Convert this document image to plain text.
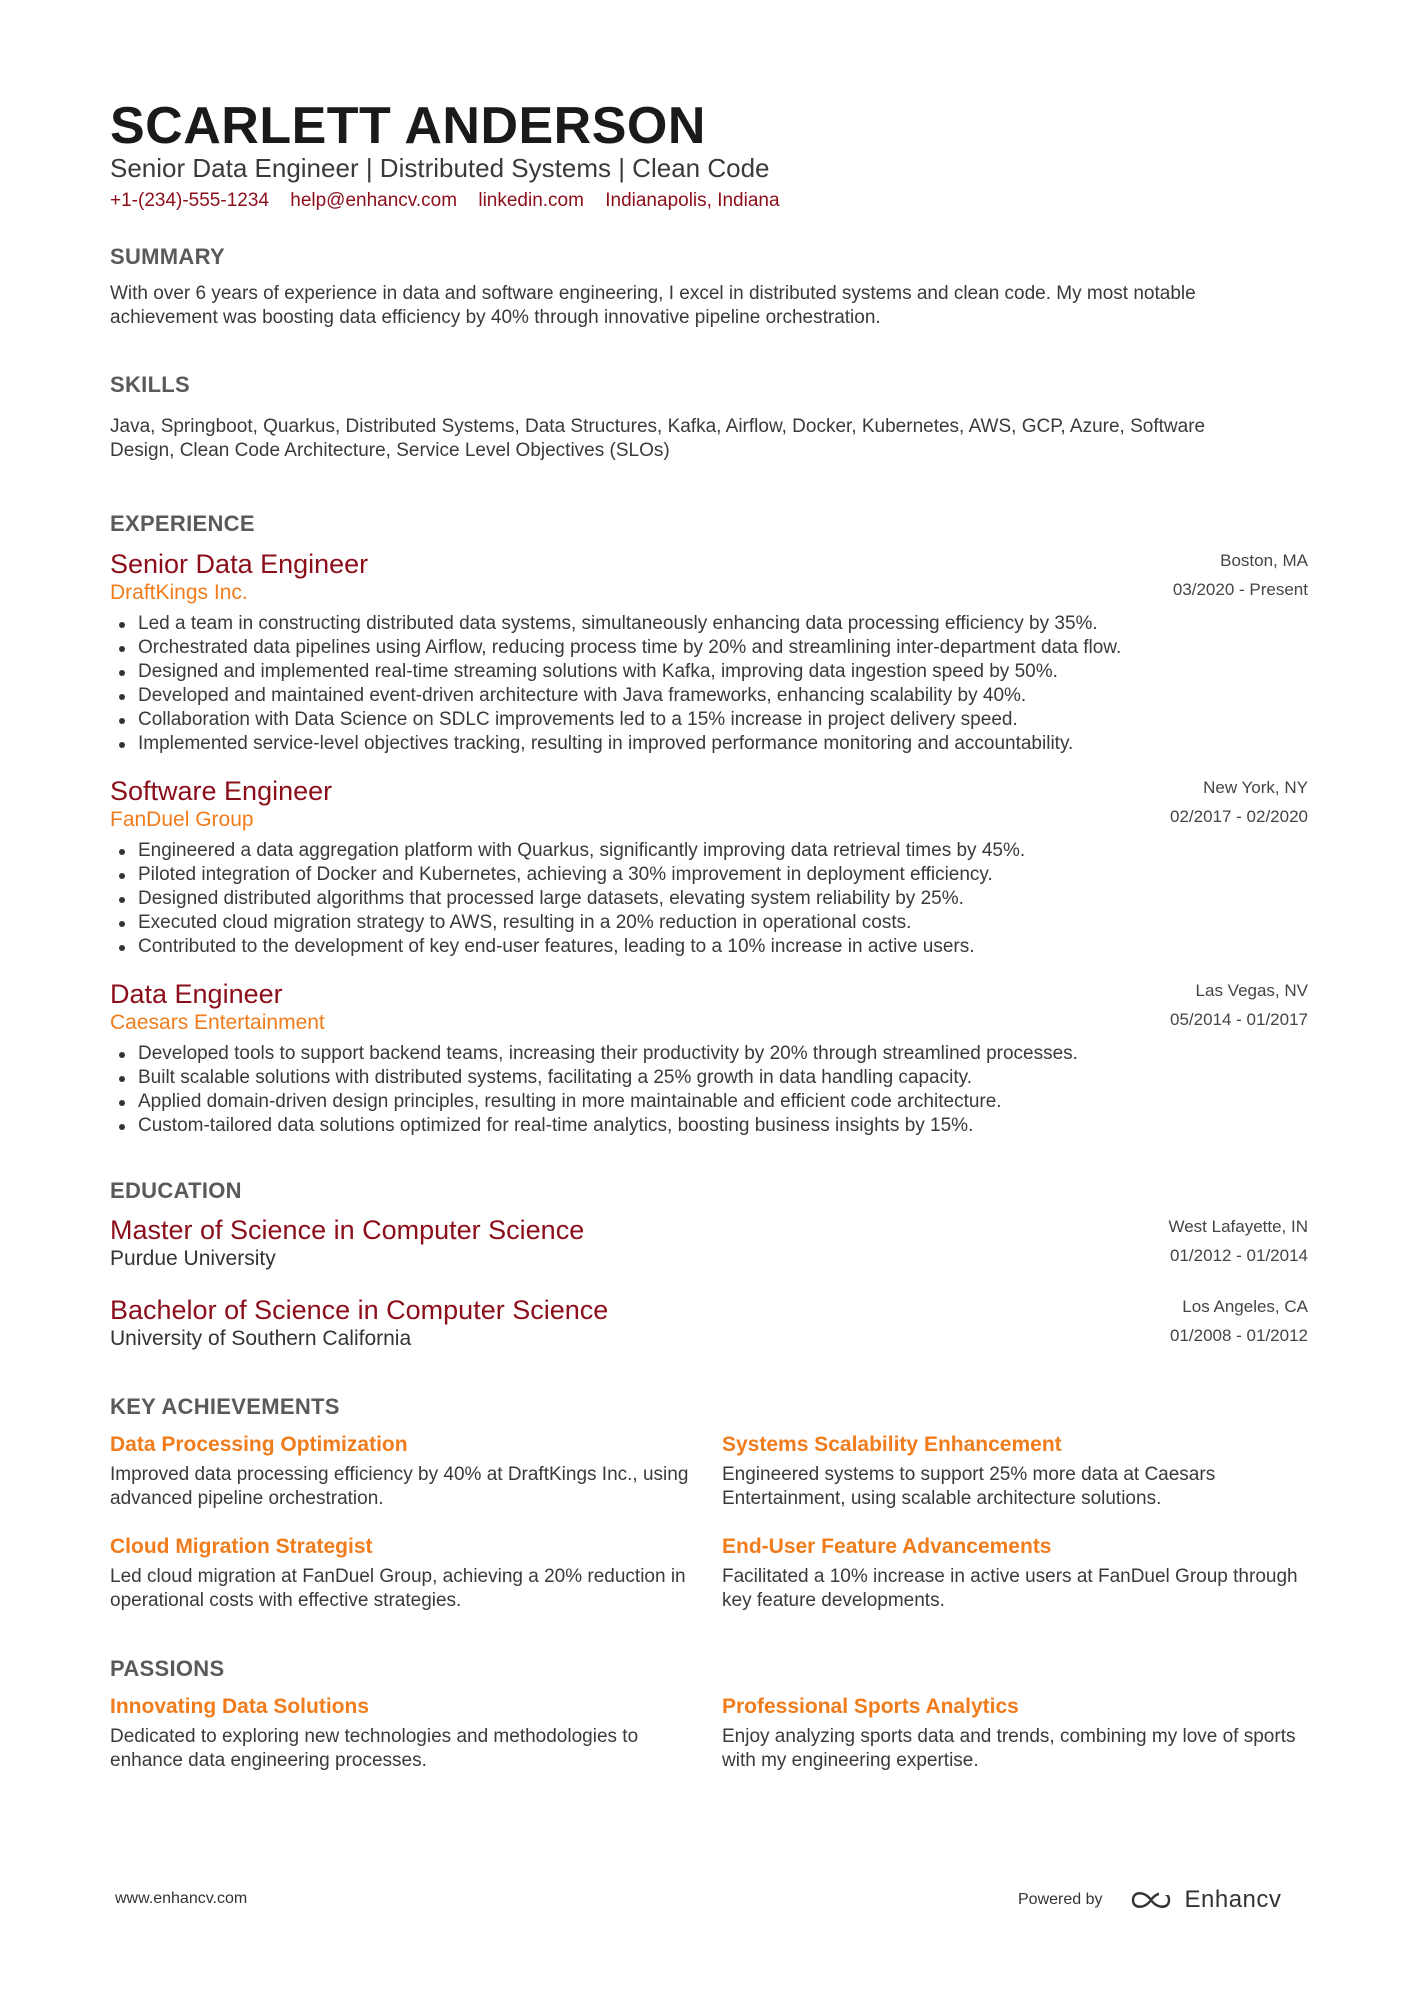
SCARLETT ANDERSON
Senior Data Engineer | Distributed Systems | Clean Code
+1-(234)-555-1234 help@enhancv.com linkedin.com Indianapolis, Indiana
SUMMARY
With over 6 years of experience in data and software engineering, I excel in distributed systems and clean code. My most notable achievement was boosting data efficiency by 40% through innovative pipeline orchestration.
SKILLS
Java, Springboot, Quarkus, Distributed Systems, Data Structures, Kafka, Airflow, Docker, Kubernetes, AWS, GCP, Azure, Software Design, Clean Code Architecture, Service Level Objectives (SLOs)
EXPERIENCE
Senior Data Engineer
DraftKings Inc.
Boston, MA
03/2020 - Present
Led a team in constructing distributed data systems, simultaneously enhancing data processing efficiency by 35%.
Orchestrated data pipelines using Airflow, reducing process time by 20% and streamlining inter-department data flow.
Designed and implemented real-time streaming solutions with Kafka, improving data ingestion speed by 50%.
Developed and maintained event-driven architecture with Java frameworks, enhancing scalability by 40%.
Collaboration with Data Science on SDLC improvements led to a 15% increase in project delivery speed.
Implemented service-level objectives tracking, resulting in improved performance monitoring and accountability.
Software Engineer
FanDuel Group
New York, NY
02/2017 - 02/2020
Engineered a data aggregation platform with Quarkus, significantly improving data retrieval times by 45%.
Piloted integration of Docker and Kubernetes, achieving a 30% improvement in deployment efficiency.
Designed distributed algorithms that processed large datasets, elevating system reliability by 25%.
Executed cloud migration strategy to AWS, resulting in a 20% reduction in operational costs.
Contributed to the development of key end-user features, leading to a 10% increase in active users.
Data Engineer
Caesars Entertainment
Las Vegas, NV
05/2014 - 01/2017
Developed tools to support backend teams, increasing their productivity by 20% through streamlined processes.
Built scalable solutions with distributed systems, facilitating a 25% growth in data handling capacity.
Applied domain-driven design principles, resulting in more maintainable and efficient code architecture.
Custom-tailored data solutions optimized for real-time analytics, boosting business insights by 15%.
EDUCATION
Master of Science in Computer Science
Purdue University
West Lafayette, IN
01/2012 - 01/2014
Bachelor of Science in Computer Science
University of Southern California
Los Angeles, CA
01/2008 - 01/2012
KEY ACHIEVEMENTS
Data Processing Optimization
Improved data processing efficiency by 40% at DraftKings Inc., using advanced pipeline orchestration.
Systems Scalability Enhancement
Engineered systems to support 25% more data at Caesars Entertainment, using scalable architecture solutions.
Cloud Migration Strategist
Led cloud migration at FanDuel Group, achieving a 20% reduction in operational costs with effective strategies.
End-User Feature Advancements
Facilitated a 10% increase in active users at FanDuel Group through key feature developments.
PASSIONS
Innovating Data Solutions
Dedicated to exploring new technologies and methodologies to enhance data engineering processes.
Professional Sports Analytics
Enjoy analyzing sports data and trends, combining my love of sports with my engineering expertise.
www.enhancv.com	Powered by	Enhancv
